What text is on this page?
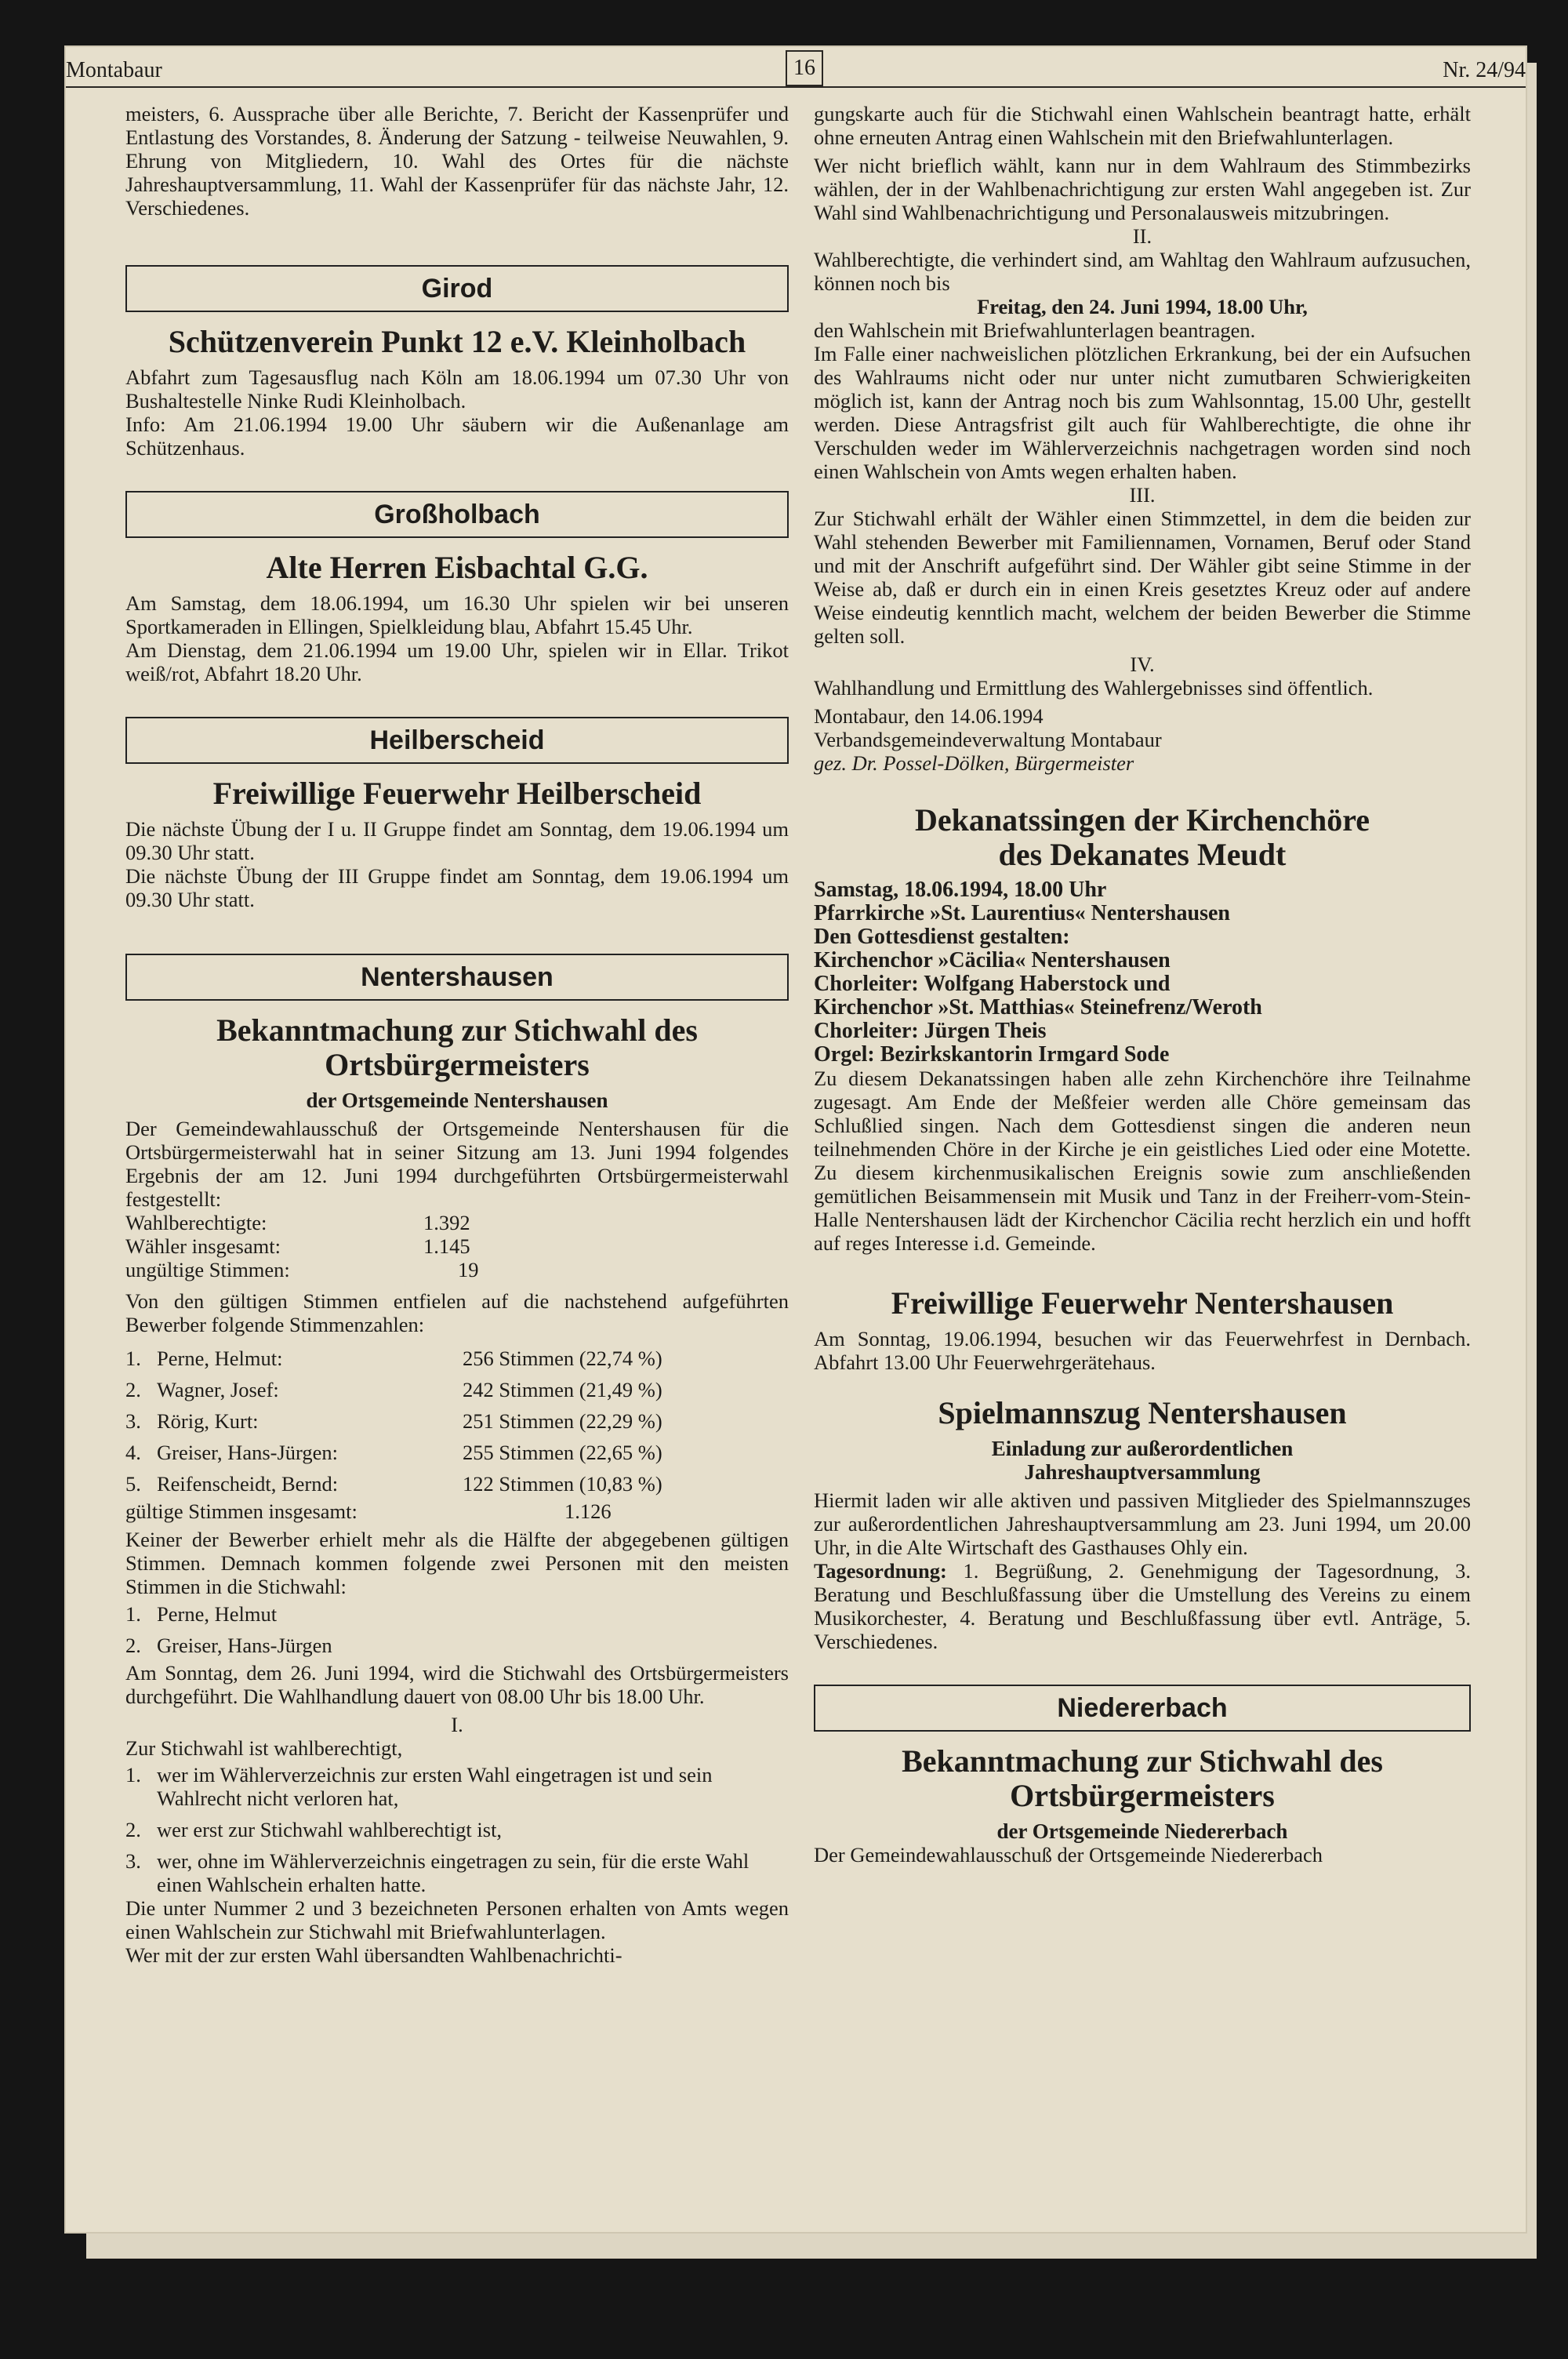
Montabaur	16	Nr. 24/94

meisters, 6. Aussprache über alle Berichte, 7. Bericht der Kassenprüfer und Entlastung des Vorstandes, 8. Änderung der Satzung - teilweise Neuwahlen, 9. Ehrung von Mitgliedern, 10. Wahl des Ortes für die nächste Jahreshauptversammlung, 11. Wahl der Kassenprüfer für das nächste Jahr, 12. Verschiedenes.

Girod
Schützenverein Punkt 12 e.V. Kleinholbach

Abfahrt zum Tagesausflug nach Köln am 18.06.1994 um 07.30 Uhr von Bushaltestelle Ninke Rudi Kleinholbach.

Info: Am 21.06.1994 19.00 Uhr säubern wir die Außenanlage am Schützenhaus.

Großholbach
Alte Herren Eisbachtal G.G.

Am Samstag, dem 18.06.1994, um 16.30 Uhr spielen wir bei unseren Sportkameraden in Ellingen, Spielkleidung blau, Abfahrt 15.45 Uhr.

Am Dienstag, dem 21.06.1994 um 19.00 Uhr, spielen wir in Ellar. Trikot weiß/rot, Abfahrt 18.20 Uhr.

Heilberscheid
Freiwillige Feuerwehr Heilberscheid

Die nächste Übung der I u. II Gruppe findet am Sonntag, dem 19.06.1994 um 09.30 Uhr statt.

Die nächste Übung der III Gruppe findet am Sonntag, dem 19.06.1994 um 09.30 Uhr statt.

Nentershausen
Bekanntmachung zur Stichwahl des Ortsbürgermeisters
der Ortsgemeinde Nentershausen

Der Gemeindewahlausschuß der Ortsgemeinde Nentershausen für die Ortsbürgermeisterwahl hat in seiner Sitzung am 13. Juni 1994 folgendes Ergebnis der am 12. Juni 1994 durchgeführten Ortsbürgermeisterwahl festgestellt:

Wahlberechtigte:	1.392
Wähler insgesamt:	1.145
ungültige Stimmen:	19

Von den gültigen Stimmen entfielen auf die nachstehend aufgeführten Bewerber folgende Stimmenzahlen:

1. Perne, Helmut:	256 Stimmen (22,74 %)
2. Wagner, Josef:	242 Stimmen (21,49 %)
3. Rörig, Kurt:	251 Stimmen (22,29 %)
4. Greiser, Hans-Jürgen:	255 Stimmen (22,65 %)
5. Reifenscheidt, Bernd:	122 Stimmen (10,83 %)
gültige Stimmen insgesamt:	1.126

Keiner der Bewerber erhielt mehr als die Hälfte der abgegebenen gültigen Stimmen. Demnach kommen folgende zwei Personen mit den meisten Stimmen in die Stichwahl:

1. Perne, Helmut
2. Greiser, Hans-Jürgen

Am Sonntag, dem 26. Juni 1994, wird die Stichwahl des Ortsbürgermeisters durchgeführt. Die Wahlhandlung dauert von 08.00 Uhr bis 18.00 Uhr.

I.

Zur Stichwahl ist wahlberechtigt,

1. wer im Wählerverzeichnis zur ersten Wahl eingetragen ist und sein Wahlrecht nicht verloren hat,
2. wer erst zur Stichwahl wahlberechtigt ist,
3. wer, ohne im Wählerverzeichnis eingetragen zu sein, für die erste Wahl einen Wahlschein erhalten hatte.

Die unter Nummer 2 und 3 bezeichneten Personen erhalten von Amts wegen einen Wahlschein zur Stichwahl mit Briefwahlunterlagen.

Wer mit der zur ersten Wahl übersandten Wahlbenachrichti-

gungskarte auch für die Stichwahl einen Wahlschein beantragt hatte, erhält ohne erneuten Antrag einen Wahlschein mit den Briefwahlunterlagen.

Wer nicht brieflich wählt, kann nur in dem Wahlraum des Stimmbezirks wählen, der in der Wahlbenachrichtigung zur ersten Wahl angegeben ist. Zur Wahl sind Wahlbenachrichtigung und Personalausweis mitzubringen.

II.

Wahlberechtigte, die verhindert sind, am Wahltag den Wahlraum aufzusuchen, können noch bis

Freitag, den 24. Juni 1994, 18.00 Uhr,

den Wahlschein mit Briefwahlunterlagen beantragen.

Im Falle einer nachweislichen plötzlichen Erkrankung, bei der ein Aufsuchen des Wahlraums nicht oder nur unter nicht zumutbaren Schwierigkeiten möglich ist, kann der Antrag noch bis zum Wahlsonntag, 15.00 Uhr, gestellt werden. Diese Antragsfrist gilt auch für Wahlberechtigte, die ohne ihr Verschulden weder im Wählerverzeichnis nachgetragen worden sind noch einen Wahlschein von Amts wegen erhalten haben.

III.

Zur Stichwahl erhält der Wähler einen Stimmzettel, in dem die beiden zur Wahl stehenden Bewerber mit Familiennamen, Vornamen, Beruf oder Stand und mit der Anschrift aufgeführt sind. Der Wähler gibt seine Stimme in der Weise ab, daß er durch ein in einen Kreis gesetztes Kreuz oder auf andere Weise eindeutig kenntlich macht, welchem der beiden Bewerber die Stimme gelten soll.

IV.

Wahlhandlung und Ermittlung des Wahlergebnisses sind öffentlich.

Montabaur, den 14.06.1994

Verbandsgemeindeverwaltung Montabaur

gez. Dr. Possel-Dölken, Bürgermeister

Dekanatssingen der Kirchenchöre
des Dekanates Meudt

Samstag, 18.06.1994, 18.00 Uhr

Pfarrkirche »St. Laurentius« Nentershausen

Den Gottesdienst gestalten:

Kirchenchor »Cäcilia« Nentershausen

Chorleiter: Wolfgang Haberstock und

Kirchenchor »St. Matthias« Steinefrenz/Weroth

Chorleiter: Jürgen Theis

Orgel: Bezirkskantorin Irmgard Sode

Zu diesem Dekanatssingen haben alle zehn Kirchenchöre ihre Teilnahme zugesagt. Am Ende der Meßfeier werden alle Chöre gemeinsam das Schlußlied singen. Nach dem Gottesdienst singen die anderen neun teilnehmenden Chöre in der Kirche je ein geistliches Lied oder eine Motette. Zu diesem kirchenmusikalischen Ereignis sowie zum anschließenden gemütlichen Beisammensein mit Musik und Tanz in der Freiherr-vom-Stein-Halle Nentershausen lädt der Kirchenchor Cäcilia recht herzlich ein und hofft auf reges Interesse i.d. Gemeinde.

Freiwillige Feuerwehr Nentershausen

Am Sonntag, 19.06.1994, besuchen wir das Feuerwehrfest in Dernbach. Abfahrt 13.00 Uhr Feuerwehrgerätehaus.

Spielmannszug Nentershausen
Einladung zur außerordentlichen
Jahreshauptversammlung

Hiermit laden wir alle aktiven und passiven Mitglieder des Spielmannszuges zur außerordentlichen Jahreshauptversammlung am 23. Juni 1994, um 20.00 Uhr, in die Alte Wirtschaft des Gasthauses Ohly ein.

Tagesordnung: 1. Begrüßung, 2. Genehmigung der Tagesordnung, 3. Beratung und Beschlußfassung über die Umstellung des Vereins zu einem Musikorchester, 4. Beratung und Beschlußfassung über evtl. Anträge, 5. Verschiedenes.

Niedererbach
Bekanntmachung zur Stichwahl des Ortsbürgermeisters
der Ortsgemeinde Niedererbach

Der Gemeindewahlausschuß der Ortsgemeinde Niedererbach
